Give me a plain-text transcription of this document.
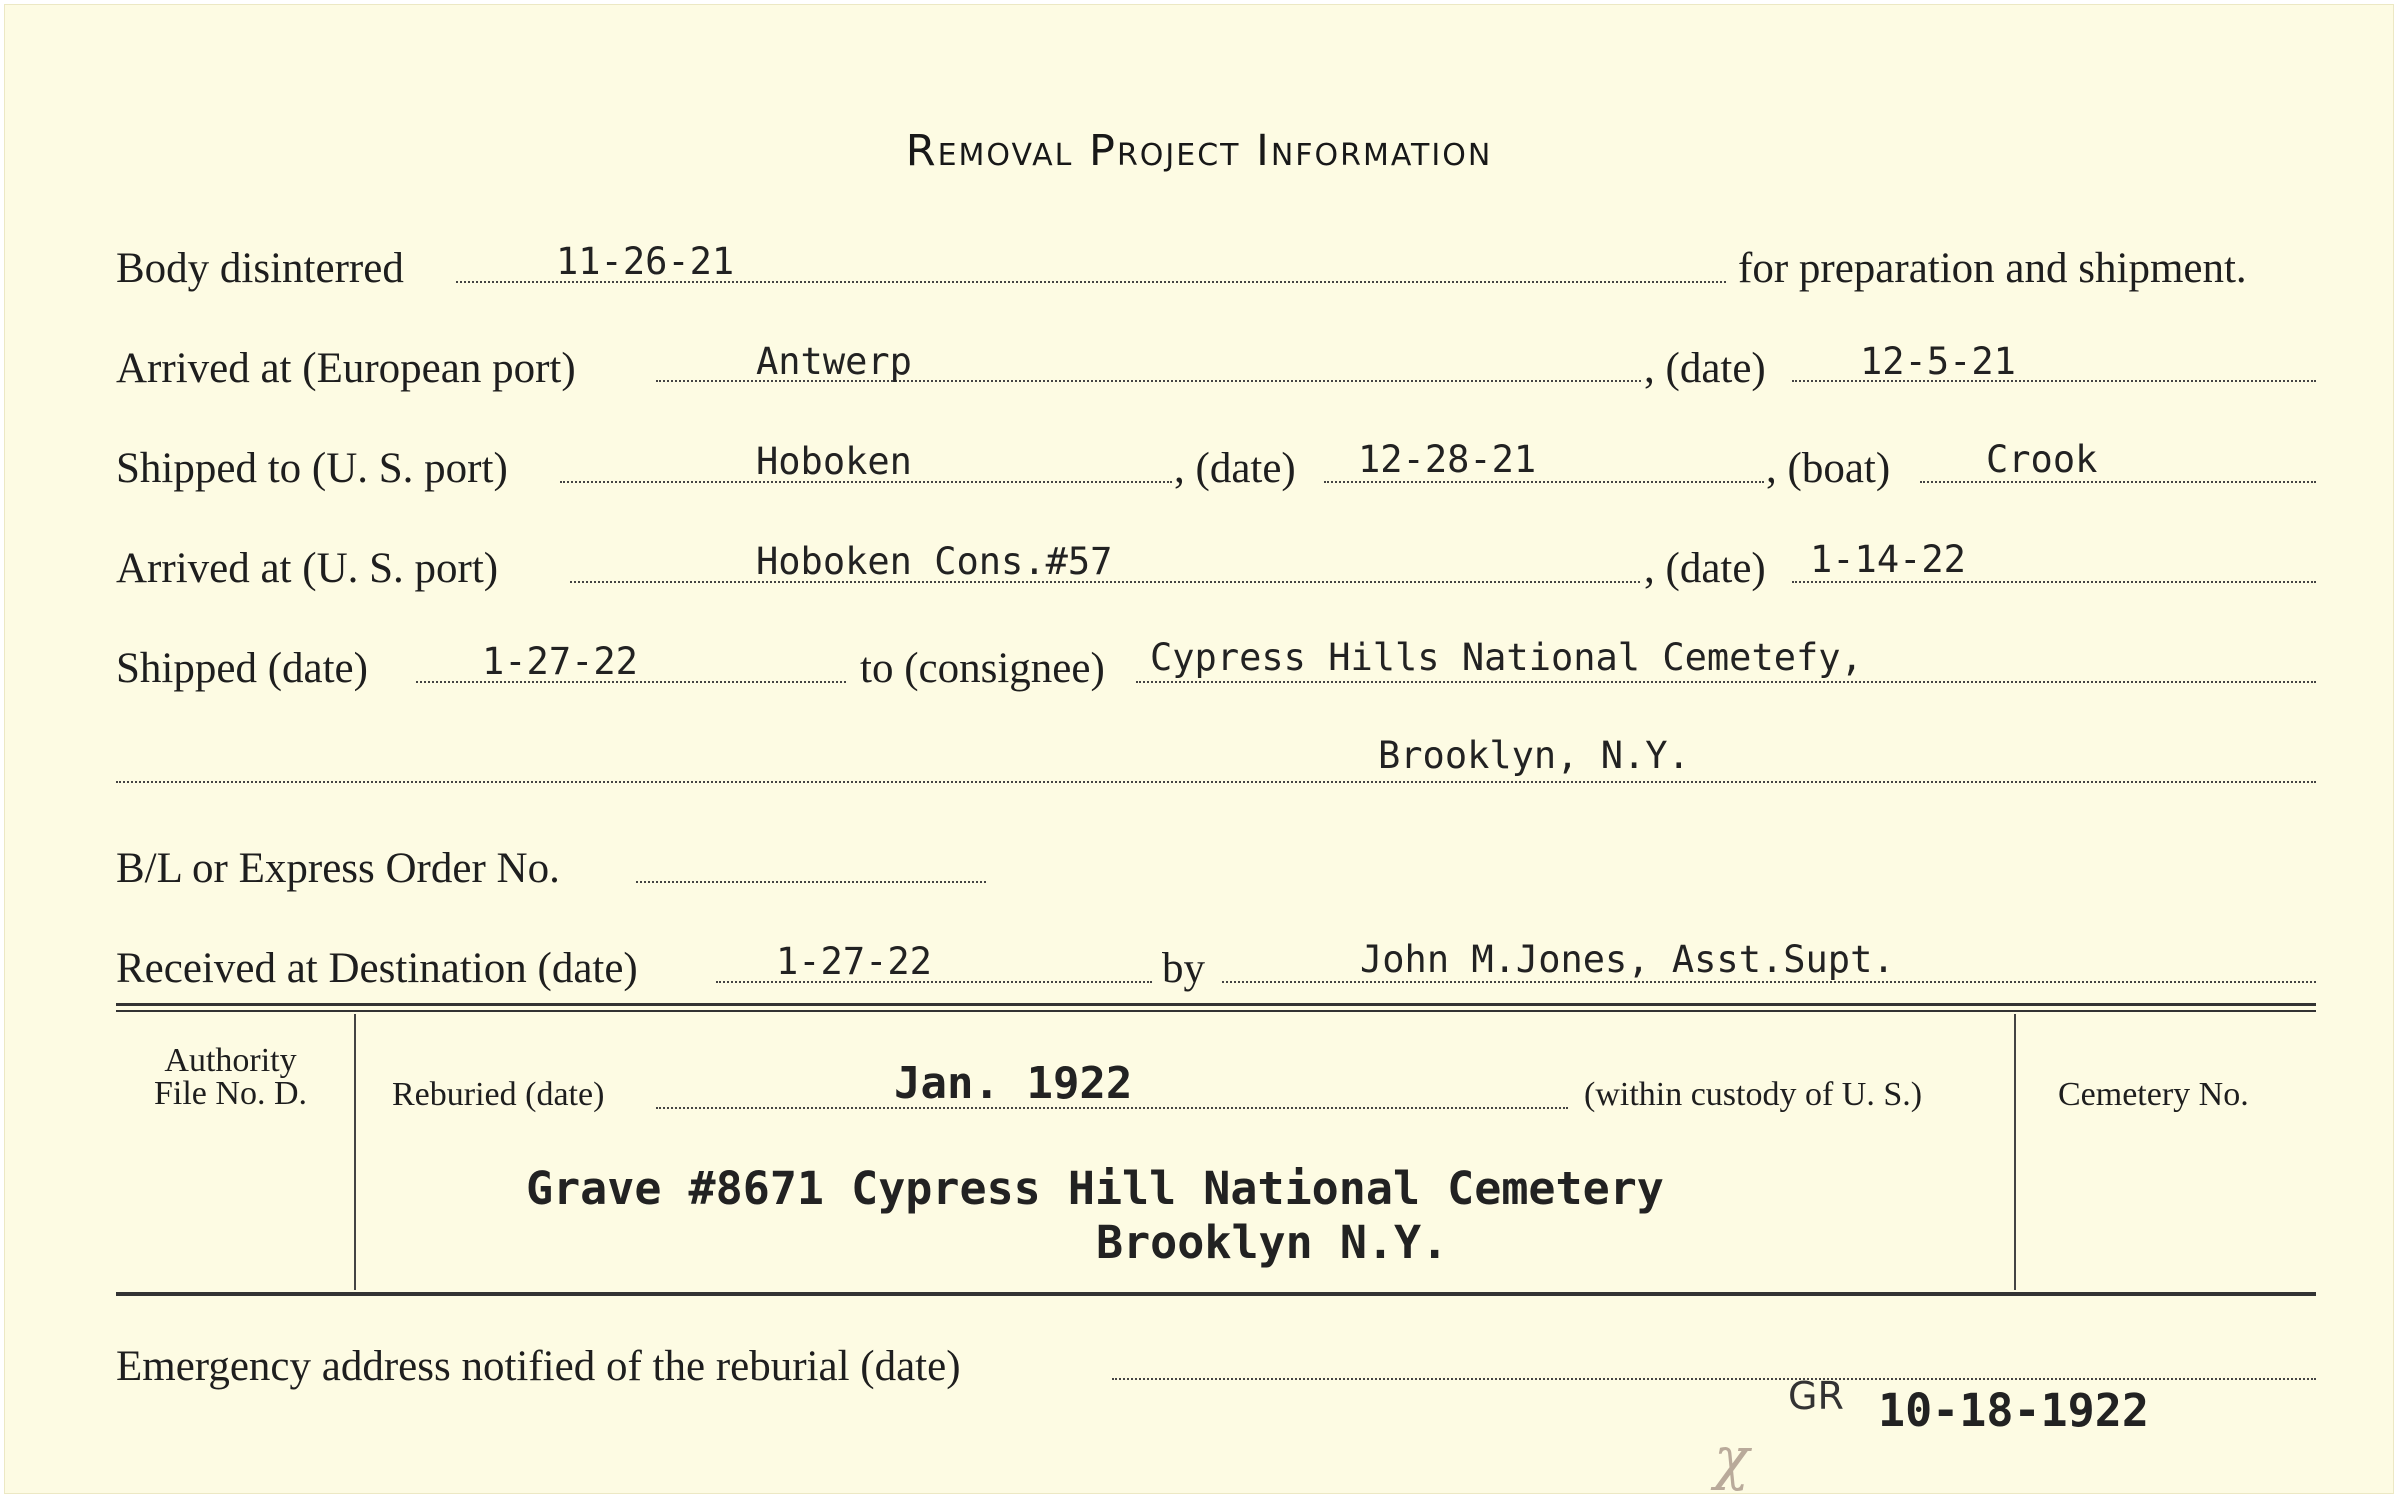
Removal Project Information
Body disinterred	11-26-21	for preparation and shipment.
Arrived at (European port)	Antwerp	, (date)	12-5-21
Shipped to (U. S. port)	Hoboken	, (date) 12-28-21	, (boat)	Crook
Arrived at (U. S. port)	Hoboken Cons.#57	, (date) 1-14-22
Shipped (date)	1-27-22	to (consignee) Cypress Hills National Cemetefy,
Brooklyn, N.Y.
B/L or Express Order No.
Received at Destination (date)	1-27-22	by	John M.Jones, Asst.Supt.
Authority
File No. D.	Reburied (date)	Jan. 1922	(within custody of U. S.)	Cemetery No.
Grave #8671 Cypress Hill National Cemetery
Brooklyn N.Y.
Emergency address notified of the reburial (date)
GR 10-18-1922
χ
